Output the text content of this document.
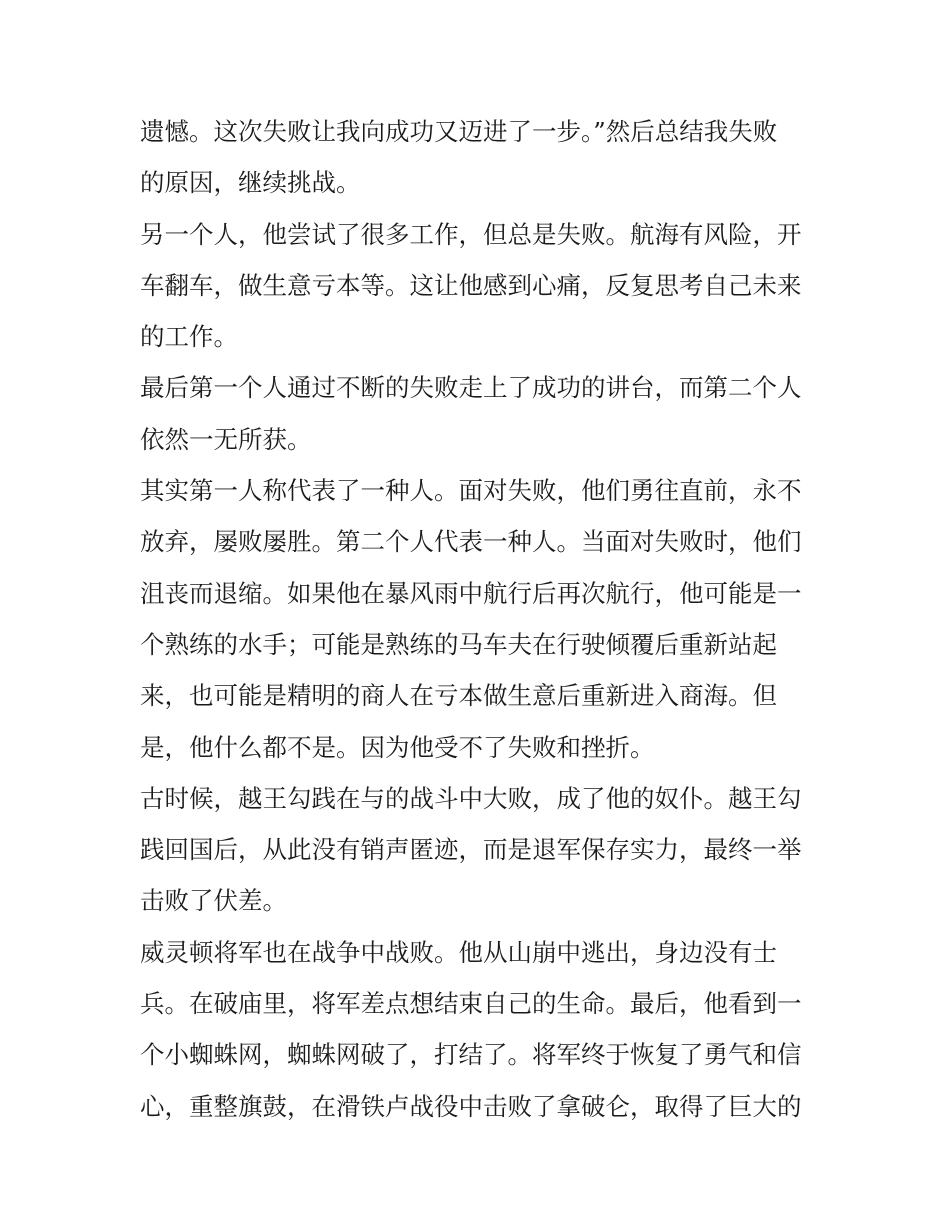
遗憾。这次失败让我向成功又迈进了一步。”然后总结我失败
的原因，继续挑战。
另一个人，他尝试了很多工作，但总是失败。航海有风险，开
车翻车，做生意亏本等。这让他感到心痛，反复思考自己未来
的工作。
最后第一个人通过不断的失败走上了成功的讲台，而第二个人
依然一无所获。
其实第一人称代表了一种人。面对失败，他们勇往直前，永不
放弃，屡败屡胜。第二个人代表一种人。当面对失败时，他们
沮丧而退缩。如果他在暴风雨中航行后再次航行，他可能是一
个熟练的水手；可能是熟练的马车夫在行驶倾覆后重新站起
来，也可能是精明的商人在亏本做生意后重新进入商海。但
是，他什么都不是。因为他受不了失败和挫折。
古时候，越王勾践在与的战斗中大败，成了他的奴仆。越王勾
践回国后，从此没有销声匿迹，而是退军保存实力，最终一举
击败了伏差。
威灵顿将军也在战争中战败。他从山崩中逃出，身边没有士
兵。在破庙里，将军差点想结束自己的生命。最后，他看到一
个小蜘蛛网，蜘蛛网破了，打结了。将军终于恢复了勇气和信
心，重整旗鼓，在滑铁卢战役中击败了拿破仑，取得了巨大的
